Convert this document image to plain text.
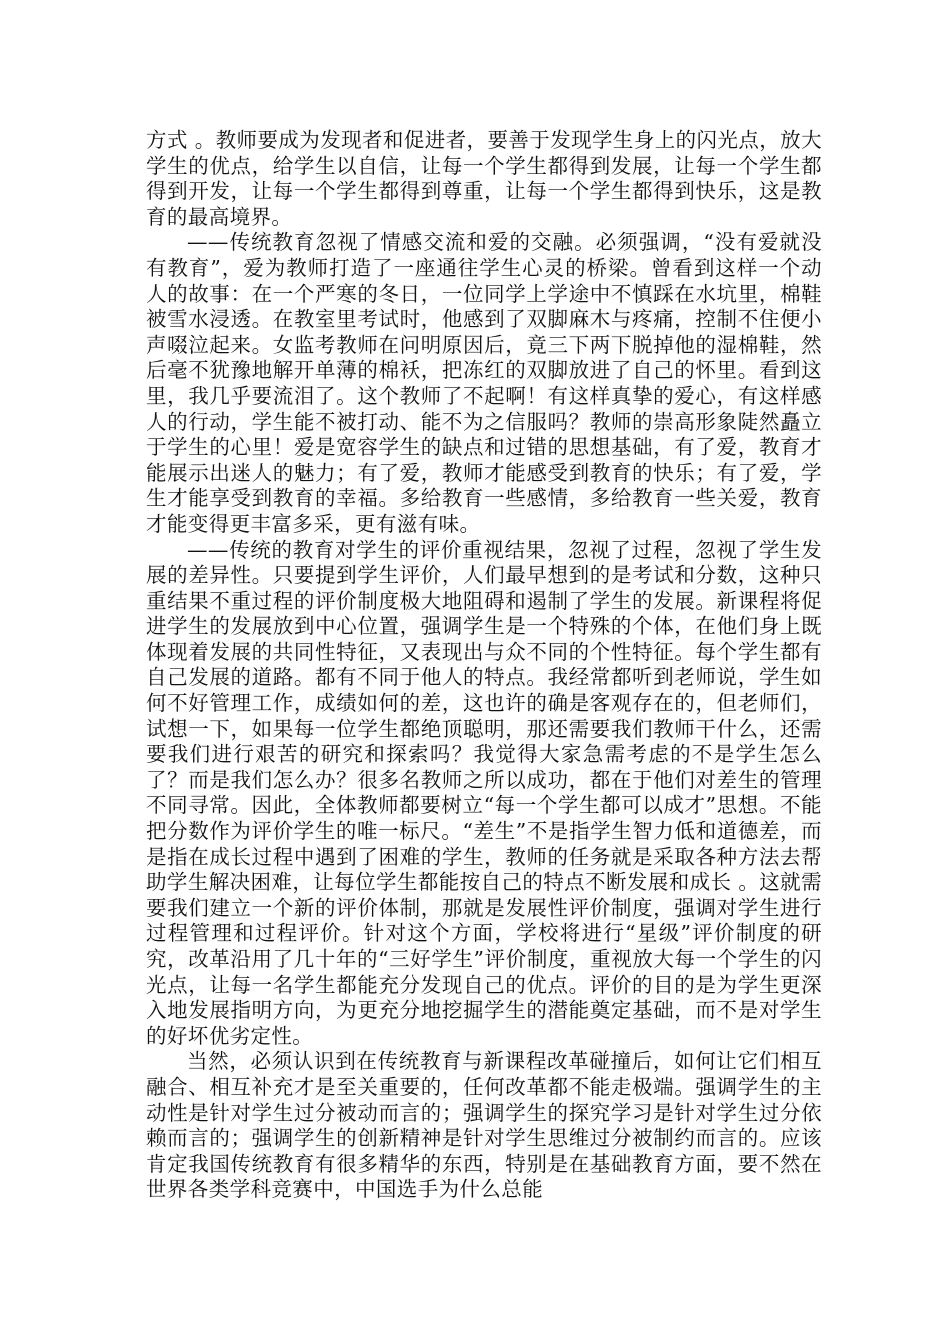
方式 。教师要成为发现者和促进者，要善于发现学生身上的闪光点，放大学生的优点，给学生以自信，让每一个学生都得到发展，让每一个学生都得到开发，让每一个学生都得到尊重，让每一个学生都得到快乐，这是教育的最高境界。

——传统教育忽视了情感交流和爱的交融。必须强调，“没有爱就没有教育”，爱为教师打造了一座通往学生心灵的桥梁。曾看到这样一个动人的故事：在一个严寒的冬日，一位同学上学途中不慎踩在水坑里，棉鞋被雪水浸透。在教室里考试时，他感到了双脚麻木与疼痛，控制不住便小声啜泣起来。女监考教师在问明原因后，竟三下两下脱掉他的湿棉鞋，然后毫不犹豫地解开单薄的棉袄，把冻红的双脚放进了自己的怀里。看到这里，我几乎要流泪了。这个教师了不起啊！有这样真挚的爱心，有这样感人的行动，学生能不被打动、能不为之信服吗？教师的崇高形象陡然矗立于学生的心里！爱是宽容学生的缺点和过错的思想基础，有了爱，教育才能展示出迷人的魅力；有了爱，教师才能感受到教育的快乐；有了爱，学生才能享受到教育的幸福。多给教育一些感情，多给教育一些关爱，教育才能变得更丰富多采，更有滋有味。

——传统的教育对学生的评价重视结果，忽视了过程，忽视了学生发展的差异性。只要提到学生评价，人们最早想到的是考试和分数，这种只重结果不重过程的评价制度极大地阻碍和遏制了学生的发展。新课程将促进学生的发展放到中心位置，强调学生是一个特殊的个体，在他们身上既体现着发展的共同性特征，又表现出与众不同的个性特征。每个学生都有自己发展的道路。都有不同于他人的特点。我经常都听到老师说，学生如何不好管理工作，成绩如何的差，这也许的确是客观存在的，但老师们，试想一下，如果每一位学生都绝顶聪明，那还需要我们教师干什么，还需要我们进行艰苦的研究和探索吗？我觉得大家急需考虑的不是学生怎么了？而是我们怎么办？很多名教师之所以成功，都在于他们对差生的管理不同寻常。因此，全体教师都要树立“每一个学生都可以成才”思想。不能把分数作为评价学生的唯一标尺。“差生”不是指学生智力低和道德差，而是指在成长过程中遇到了困难的学生，教师的任务就是采取各种方法去帮助学生解决困难，让每位学生都能按自己的特点不断发展和成长 。这就需要我们建立一个新的评价体制，那就是发展性评价制度，强调对学生进行过程管理和过程评价。针对这个方面，学校将进行“星级”评价制度的研究，改革沿用了几十年的“三好学生”评价制度，重视放大每一个学生的闪光点，让每一名学生都能充分发现自己的优点。评价的目的是为学生更深入地发展指明方向，为更充分地挖掘学生的潜能奠定基础，而不是对学生的好坏优劣定性。

当然，必须认识到在传统教育与新课程改革碰撞后，如何让它们相互融合、相互补充才是至关重要的，任何改革都不能走极端。强调学生的主动性是针对学生过分被动而言的；强调学生的探究学习是针对学生过分依赖而言的；强调学生的创新精神是针对学生思维过分被制约而言的。应该肯定我国传统教育有很多精华的东西，特别是在基础教育方面，要不然在世界各类学科竞赛中，中国选手为什么总能
